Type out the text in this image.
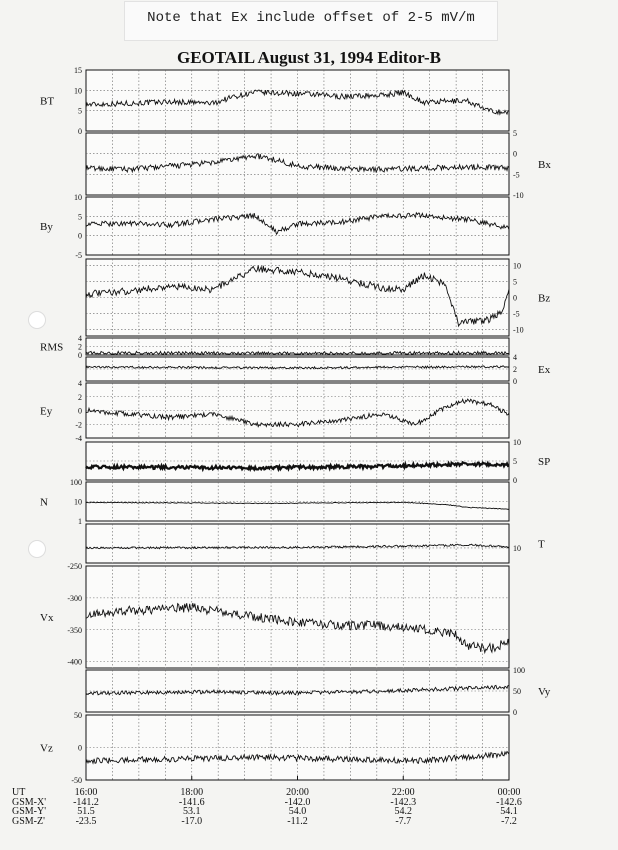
Note that Ex include offset of 2-5 mV/m
GEOTAIL August 31, 1994 Editor-B
15
10
5
0
BT
5
0
-5
-10
Bx
10
5
0
-5
By
10
5
0
-5
-10
Bz
4
2
0
RMS
4
2
0
Ex
4
2
0
-2
-4
Ey
10
5
0
SP
100
10
1
N
10 T
-250
-300
-350
-400
Vx
100
50
0
Vy
50
0
-50
Vz
UT
GSM-X'
GSM-Y'
GSM-Z'
16:00
-141.2
51.5
-23.5
18:00
-141.6
53.1
-17.0
20:00
-142.0
54.0
-11.2
22:00
-142.3
54.2
-7.7
00:00
-142.6
54.1
-7.2
